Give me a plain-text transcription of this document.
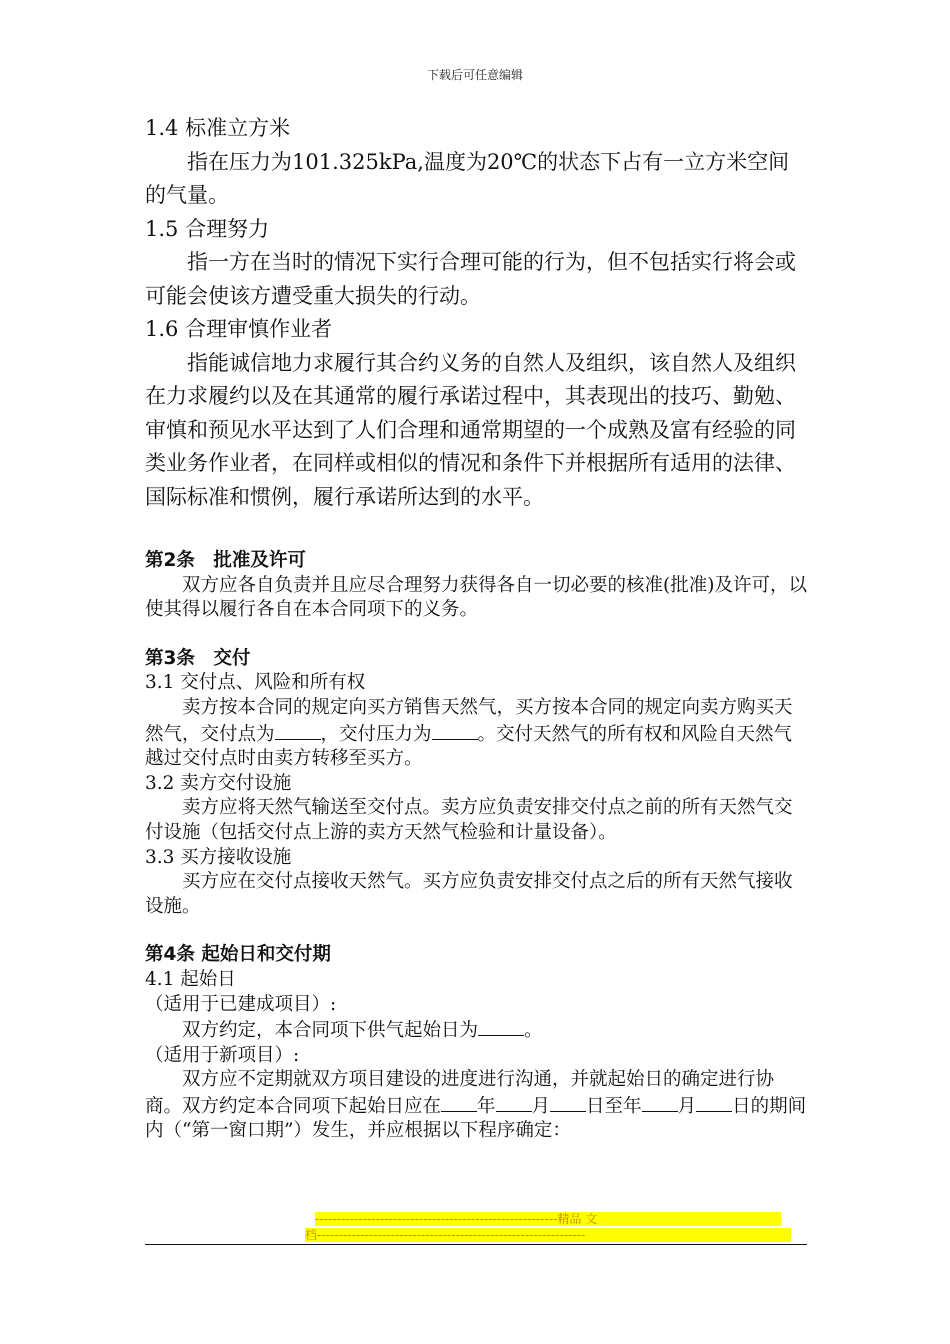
下载后可任意编辑

1.4 标准立方米

指在压力为101.325kPa,温度为20℃的状态下占有一立方米空间的气量。

1.5 合理努力

指一方在当时的情况下实行合理可能的行为，但不包括实行将会或可能会使该方遭受重大损失的行动。

1.6 合理审慎作业者

指能诚信地力求履行其合约义务的自然人及组织，该自然人及组织在力求履约以及在其通常的履行承诺过程中，其表现出的技巧、勤勉、审慎和预见水平达到了人们合理和通常期望的一个成熟及富有经验的同类业务作业者，在同样或相似的情况和条件下并根据所有适用的法律、国际标准和惯例，履行承诺所达到的水平。

第2条　批准及许可

双方应各自负责并且应尽合理努力获得各自一切必要的核准(批准)及许可，以使其得以履行各自在本合同项下的义务。

第3条　交付

3.1 交付点、风险和所有权

卖方按本合同的规定向买方销售天然气，买方按本合同的规定向卖方购买天然气，交付点为 ，交付压力为 。交付天然气的所有权和风险自天然气越过交付点时由卖方转移至买方。

3.2 卖方交付设施

卖方应将天然气输送至交付点。卖方应负责安排交付点之前的所有天然气交付设施（包括交付点上游的卖方天然气检验和计量设备）。

3.3 买方接收设施

买方应在交付点接收天然气。买方应负责安排交付点之后的所有天然气接收设施。

第4条 起始日和交付期

4.1 起始日

（适用于已建成项目）:

双方约定，本合同项下供气起始日为 。

（适用于新项目）:

双方应不定期就双方项目建设的进度进行沟通，并就起始日的确定进行协商。双方约定本合同项下起始日应在 年 月 日至年 月 日的期间内（“第一窗口期”）发生，并应根据以下程序确定：

--------------------------------------------------------精品 文
档--------------------------------------------------------------
